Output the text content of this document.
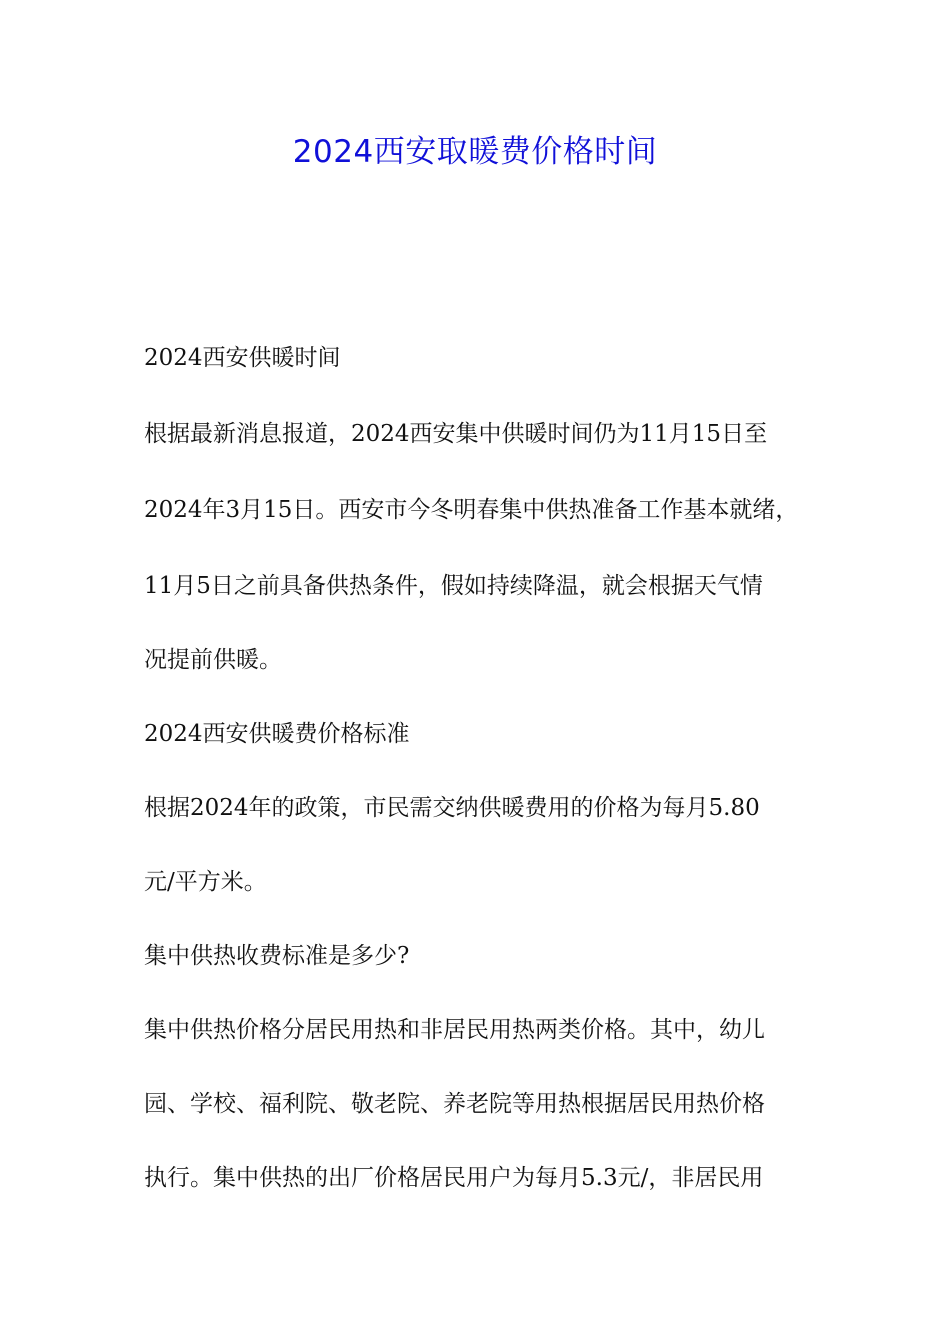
2024西安取暖费价格时间
2024西安供暖时间
根据最新消息报道，2024西安集中供暖时间仍为11月15日至
2024年3月15日。西安市今冬明春集中供热准备工作基本就绪，
11月5日之前具备供热条件，假如持续降温，就会根据天气情
况提前供暖。
2024西安供暖费价格标准
根据2024年的政策，市民需交纳供暖费用的价格为每月5.80
元/平方米。
集中供热收费标准是多少?
集中供热价格分居民用热和非居民用热两类价格。其中，幼儿
园、学校、福利院、敬老院、养老院等用热根据居民用热价格
执行。集中供热的出厂价格居民用户为每月5.3元/，非居民用
